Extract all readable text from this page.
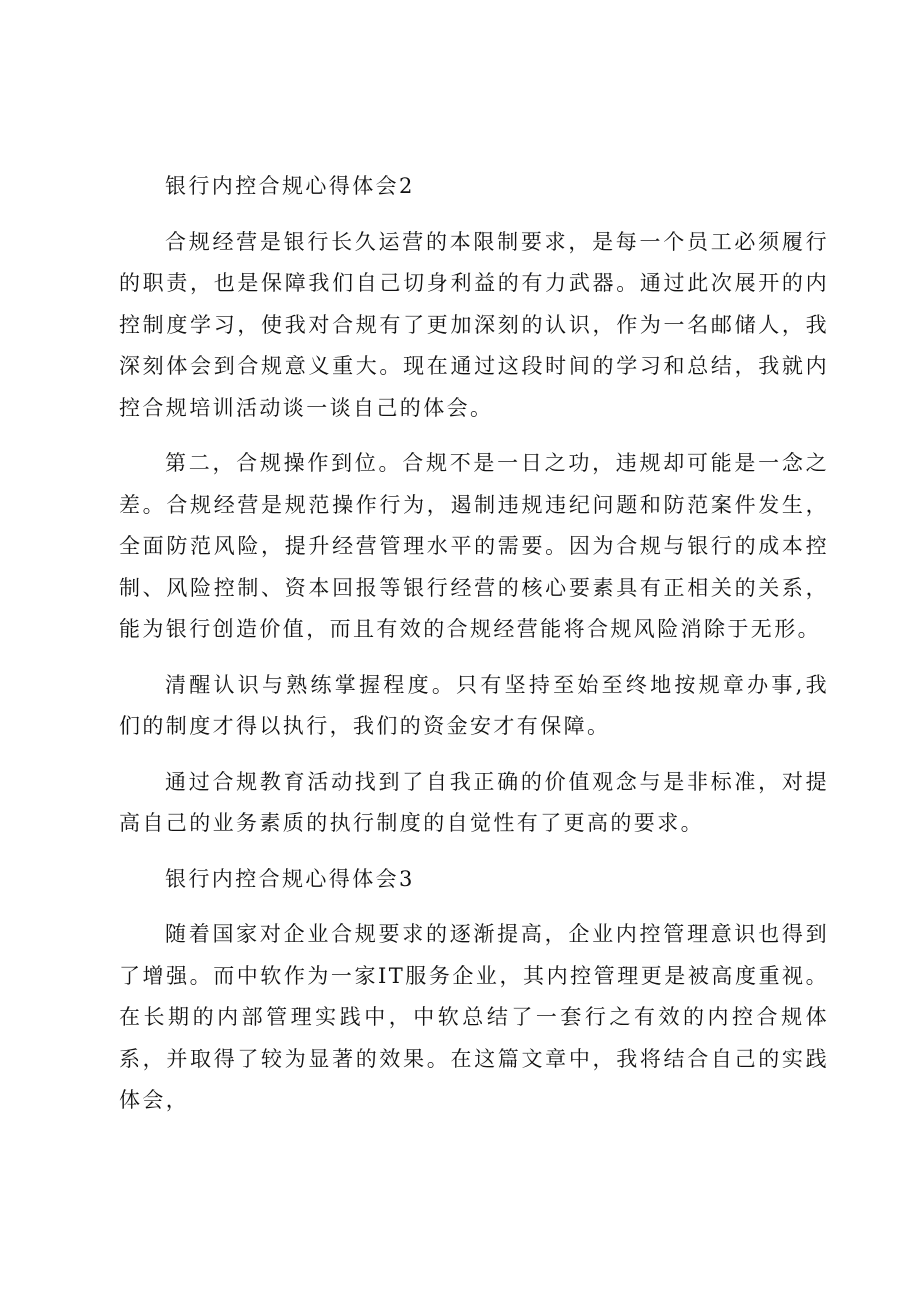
银行内控合规心得体会2

合规经营是银行长久运营的本限制要求，是每一个员工必须履行的职责，也是保障我们自己切身利益的有力武器。通过此次展开的内控制度学习，使我对合规有了更加深刻的认识，作为一名邮储人，我深刻体会到合规意义重大。现在通过这段时间的学习和总结，我就内控合规培训活动谈一谈自己的体会。

第二，合规操作到位。合规不是一日之功，违规却可能是一念之差。合规经营是规范操作行为，遏制违规违纪问题和防范案件发生，全面防范风险，提升经营管理水平的需要。因为合规与银行的成本控制、风险控制、资本回报等银行经营的核心要素具有正相关的关系，能为银行创造价值，而且有效的合规经营能将合规风险消除于无形。

清醒认识与熟练掌握程度。只有坚持至始至终地按规章办事,我们的制度才得以执行，我们的资金安才有保障。

通过合规教育活动找到了自我正确的价值观念与是非标准，对提高自己的业务素质的执行制度的自觉性有了更高的要求。

银行内控合规心得体会3

随着国家对企业合规要求的逐渐提高，企业内控管理意识也得到了增强。而中软作为一家IT服务企业，其内控管理更是被高度重视。在长期的内部管理实践中，中软总结了一套行之有效的内控合规体系，并取得了较为显著的效果。在这篇文章中，我将结合自己的实践体会，
